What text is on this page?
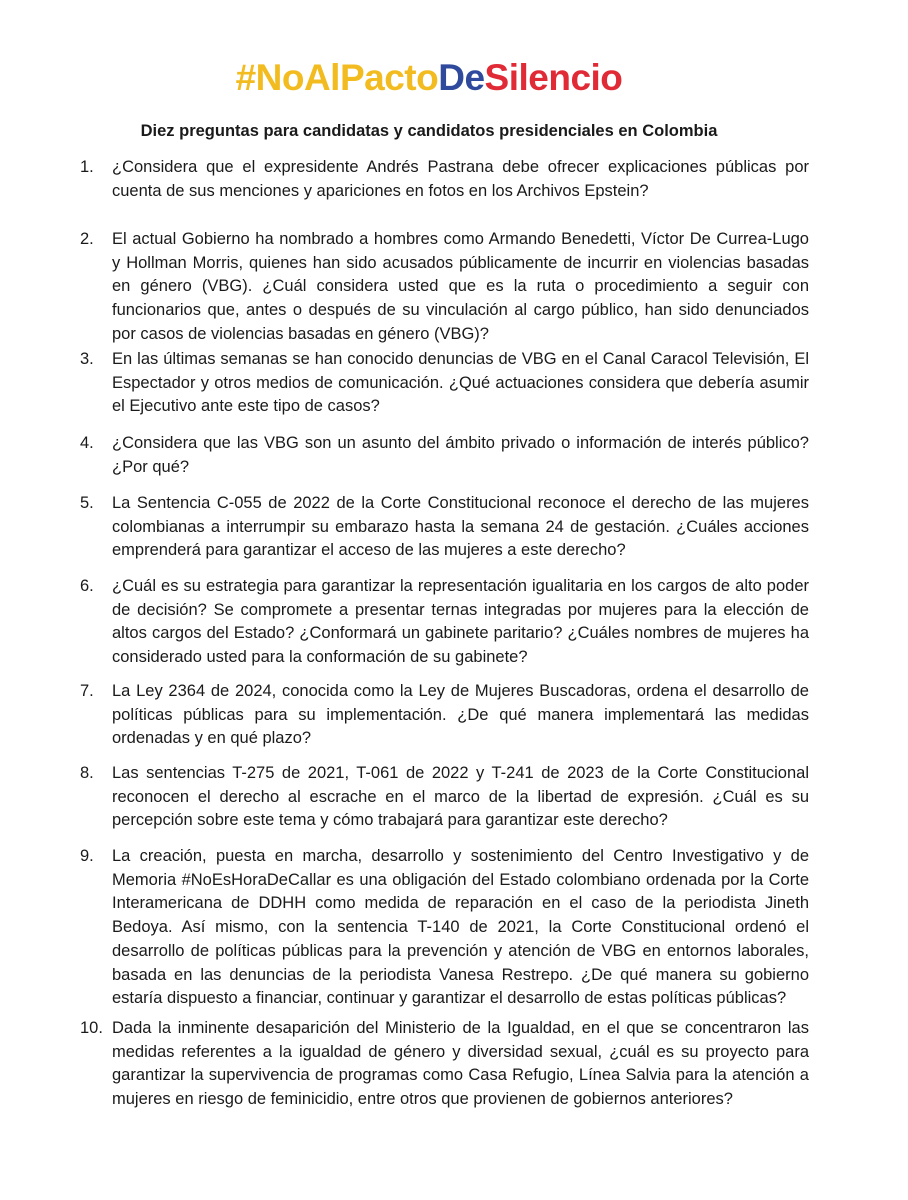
#NoAlPactoDeSilencio
Diez preguntas para candidatas y candidatos presidenciales en Colombia
1.	¿Considera que el expresidente Andrés Pastrana debe ofrecer explicaciones públicas por cuenta de sus menciones y apariciones en fotos en los Archivos Epstein?

2.	El actual Gobierno ha nombrado a hombres como Armando Benedetti, Víctor De Currea-Lugo y Hollman Morris, quienes han sido acusados públicamente de incurrir en violencias basadas en género (VBG). ¿Cuál considera usted que es la ruta o procedimiento a seguir con funcionarios que, antes o después de su vinculación al cargo público, han sido denunciados por casos de violencias basadas en género (VBG)?

3.	En las últimas semanas se han conocido denuncias de VBG en el Canal Caracol Televisión, El Espectador y otros medios de comunicación. ¿Qué actuaciones considera que debería asumir el Ejecutivo ante este tipo de casos?

4.	¿Considera que las VBG son un asunto del ámbito privado o información de interés público? ¿Por qué?

5.	La Sentencia C-055 de 2022 de la Corte Constitucional reconoce el derecho de las mujeres colombianas a interrumpir su embarazo hasta la semana 24 de gestación. ¿Cuáles acciones emprenderá para garantizar el acceso de las mujeres a este derecho?

6.	¿Cuál es su estrategia para garantizar la representación igualitaria en los cargos de alto poder de decisión? Se compromete a presentar ternas integradas por mujeres para la elección de altos cargos del Estado? ¿Conformará un gabinete paritario? ¿Cuáles nombres de mujeres ha considerado usted para la conformación de su gabinete?

7.	La Ley 2364 de 2024, conocida como la Ley de Mujeres Buscadoras, ordena el desarrollo de políticas públicas para su implementación. ¿De qué manera implementará las medidas ordenadas y en qué plazo?

8.	Las sentencias T-275 de 2021, T-061 de 2022 y T-241 de 2023 de la Corte Constitucional reconocen el derecho al escrache en el marco de la libertad de expresión. ¿Cuál es su percepción sobre este tema y cómo trabajará para garantizar este derecho?

9.	La creación, puesta en marcha, desarrollo y sostenimiento del Centro Investigativo y de Memoria #NoEsHoraDeCallar es una obligación del Estado colombiano ordenada por la Corte Interamericana de DDHH como medida de reparación en el caso de la periodista Jineth Bedoya. Así mismo, con la sentencia T-140 de 2021, la Corte Constitucional ordenó el desarrollo de políticas públicas para la prevención y atención de VBG en entornos laborales, basada en las denuncias de la periodista Vanesa Restrepo. ¿De qué manera su gobierno estaría dispuesto a financiar, continuar y garantizar el desarrollo de estas políticas públicas?

10. Dada la inminente desaparición del Ministerio de la Igualdad, en el que se concentraron las medidas referentes a la igualdad de género y diversidad sexual, ¿cuál es su proyecto para garantizar la supervivencia de programas como Casa Refugio, Línea Salvia para la atención a mujeres en riesgo de feminicidio, entre otros que provienen de gobiernos anteriores?
